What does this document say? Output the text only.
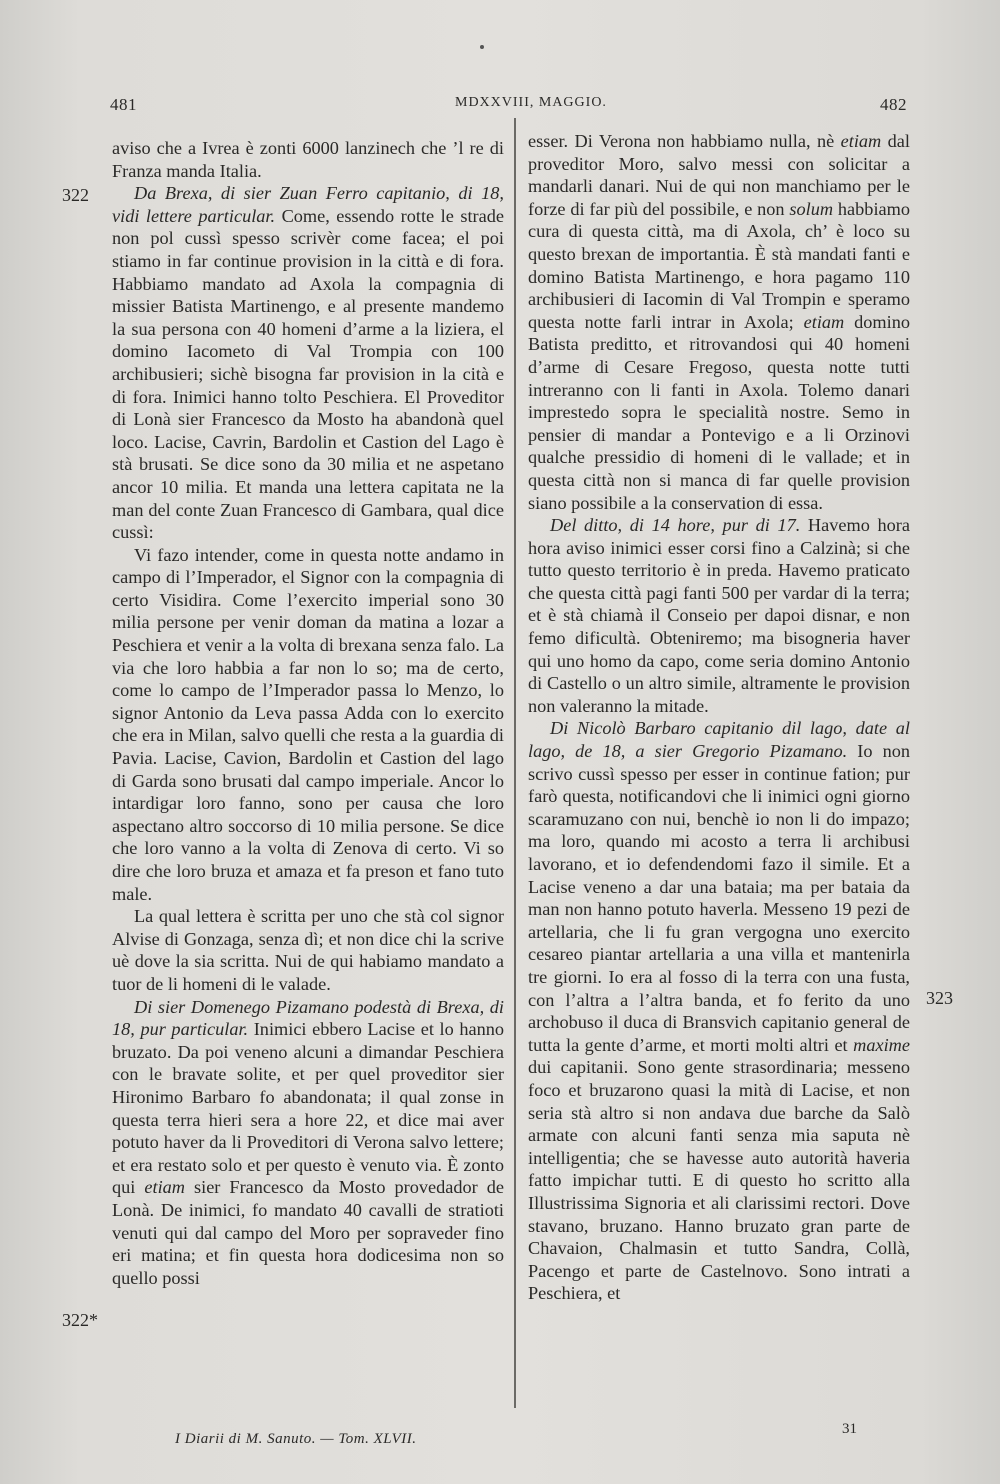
481	MDXXVIII, MAGGIO.	482
322
322*
323

aviso che a Ivrea è zonti 6000 lanzinech che ’l re di Franza manda Italia.

Da Brexa, di sier Zuan Ferro capitanio, di 18, vidi lettere particular. Come, essendo rotte le strade non pol cussì spesso scrivèr come facea; el poi stiamo in far continue provision in la città e di fora. Habbiamo mandato ad Axola la compagnia di missier Batista Martinengo, e al presente mandemo la sua persona con 40 homeni d’arme a la liziera, el domino Iacometo di Val Trompia con 100 archibusieri; sichè bisogna far provision in la cità e di fora. Inimici hanno tolto Peschiera. El Proveditor di Lonà sier Francesco da Mosto ha abandonà quel loco. Lacise, Cavrin, Bardolin et Castion del Lago è stà brusati. Se dice sono da 30 milia et ne aspetano ancor 10 milia. Et manda una lettera capitata ne la man del conte Zuan Francesco di Gambara, qual dice cussì:

Vi fazo intender, come in questa notte andamo in campo di l’Imperador, el Signor con la compagnia di certo Visidira. Come l’exercito imperial sono 30 milia persone per venir doman da matina a lozar a Peschiera et venir a la volta di brexana senza falo. La via che loro habbia a far non lo so; ma de certo, come lo campo de l’Imperador passa lo Menzo, lo signor Antonio da Leva passa Adda con lo exercito che era in Milan, salvo quelli che resta a la guardia di Pavia. Lacise, Cavion, Bardolin et Castion del lago di Garda sono brusati dal campo imperiale. Ancor lo intardigar loro fanno, sono per causa che loro aspectano altro soccorso di 10 milia persone. Se dice che loro vanno a la volta di Zenova di certo. Vi so dire che loro bruza et amaza et fa preson et fano tuto male.

La qual lettera è scritta per uno che stà col signor Alvise di Gonzaga, senza dì; et non dice chi la scrive uè dove la sia scritta. Nui de qui habiamo mandato a tuor de li homeni di le valade.

Di sier Domenego Pizamano podestà di Brexa, di 18, pur particular. Inimici ebbero Lacise et lo hanno bruzato. Da poi veneno alcuni a dimandar Peschiera con le bravate solite, et per quel proveditor sier Hironimo Barbaro fo abandonata; il qual zonse in questa terra hieri sera a hore 22, et dice mai aver potuto haver da li Proveditori di Verona salvo lettere; et era restato solo et per questo è venuto via. È zonto qui etiam sier Francesco da Mosto provedador de Lonà. De inimici, fo mandato 40 cavalli de stratioti venuti qui dal campo del Moro per sopraveder fino eri matina; et fin questa hora dodicesima non so quello possi

esser. Di Verona non habbiamo nulla, nè etiam dal proveditor Moro, salvo messi con solicitar a mandarli danari. Nui de qui non manchiamo per le forze di far più del possibile, e non solum habbiamo cura di questa città, ma di Axola, ch’ è loco su questo brexan de importantia. È stà mandati fanti e domino Batista Martinengo, e hora pagamo 110 archibusieri di Iacomin di Val Trompin e speramo questa notte farli intrar in Axola; etiam domino Batista preditto, et ritrovandosi qui 40 homeni d’arme di Cesare Fregoso, questa notte tutti intreranno con li fanti in Axola. Tolemo danari imprestedo sopra le specialità nostre. Semo in pensier di mandar a Pontevigo e a li Orzinovi qualche pressidio di homeni di le vallade; et in questa città non si manca di far quelle provision siano possibile a la conservation di essa.

Del ditto, di 14 hore, pur di 17. Havemo hora hora aviso inimici esser corsi fino a Calzinà; si che tutto questo territorio è in preda. Havemo praticato che questa città pagi fanti 500 per vardar di la terra; et è stà chiamà il Conseio per dapoi disnar, e non femo dificultà. Obteniremo; ma bisogneria haver qui uno homo da capo, come seria domino Antonio di Castello o un altro simile, altramente le provision non valeranno la mitade.

Di Nicolò Barbaro capitanio dil lago, date al lago, de 18, a sier Gregorio Pizamano. Io non scrivo cussì spesso per esser in continue fation; pur farò questa, notificandovi che li inimici ogni giorno scaramuzano con nui, benchè io non li do impazo; ma loro, quando mi acosto a terra li archibusi lavorano, et io defendendomi fazo il simile. Et a Lacise veneno a dar una bataia; ma per bataia da man non hanno potuto haverla. Messeno 19 pezi de artellaria, che li fu gran vergogna uno exercito cesareo piantar artellaria a una villa et mantenirla tre giorni. Io era al fosso di la terra con una fusta, con l’altra a l’altra banda, et fo ferito da uno archobuso il duca di Bransvich capitanio general de tutta la gente d’arme, et morti molti altri et maxime dui capitanii. Sono gente strasordinaria; messeno foco et bruzarono quasi la mità di Lacise, et non seria stà altro si non andava due barche da Salò armate con alcuni fanti senza mia saputa nè intelligentia; che se havesse auto autorità haveria fatto impichar tutti. E di questo ho scritto alla Illustrissima Signoria et ali clarissimi rectori. Dove stavano, bruzano. Hanno bruzato gran parte de Chavaion, Chalmasin et tutto Sandra, Collà, Pacengo et parte de Castelnovo. Sono intrati a Peschiera, et

I Diarii di M. Sanuto. — Tom. XLVII.
31
